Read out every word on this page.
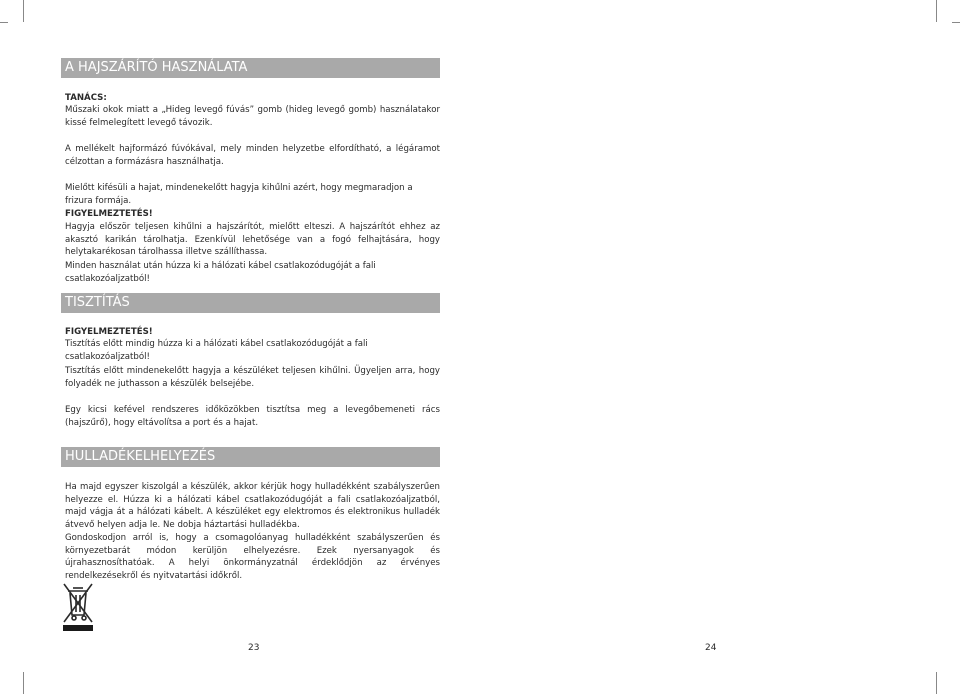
A HAJSZÁRÍTÓ HASZNÁLATA

TANÁCS:

Műszaki okok miatt a „Hideg levegő fúvás” gomb (hideg levegő gomb) használatakor kissé felmelegített levegő távozik.

A mellékelt hajformázó fúvókával, mely minden helyzetbe elfordítható, a légáramot célzottan a formázásra használhatja.

Mielőtt kifésüli a hajat, mindenekelőtt hagyja kihűlni azért, hogy megmaradjon a frizura formája.

FIGYELMEZTETÉS!

Hagyja először teljesen kihűlni a hajszárítót, mielőtt elteszi. A hajszárítót ehhez az akasztó karikán tárolhatja. Ezenkívül lehetősége van a fogó felhajtására, hogy helytakarékosan tárolhassa illetve szállíthassa.

Minden használat után húzza ki a hálózati kábel csatlakozódugóját a fali csatlakozóaljzatból!

TISZTÍTÁS

FIGYELMEZTETÉS!

Tisztítás előtt mindig húzza ki a hálózati kábel csatlakozódugóját a fali csatlakozóaljzatból!

Tisztítás előtt mindenekelőtt hagyja a készüléket teljesen kihűlni. Ügyeljen arra, hogy folyadék ne juthasson a készülék belsejébe.

Egy kicsi kefével rendszeres időközökben tisztítsa meg a levegőbemeneti rács (hajszűrő), hogy eltávolítsa a port és a hajat.

HULLADÉKELHELYEZÉS

Ha majd egyszer kiszolgál a készülék, akkor kérjük hogy hulladékként szabályszerűen helyezze el. Húzza ki a hálózati kábel csatlakozódugóját a fali csatlakozóaljzatból, majd vágja át a hálózati kábelt. A készüléket egy elektromos és elektronikus hulladék átvevő helyen adja le. Ne dobja háztartási hulladékba.

Gondoskodjon arról is, hogy a csomagolóanyag hulladékként szabályszerűen és környezetbarát módon kerüljön elhelyezésre. Ezek nyersanyagok és újrahasznosíthatóak. A helyi önkormányzatnál érdeklődjön az érvényes rendelkezésekről és nyitvatartási időkről.

23	24
